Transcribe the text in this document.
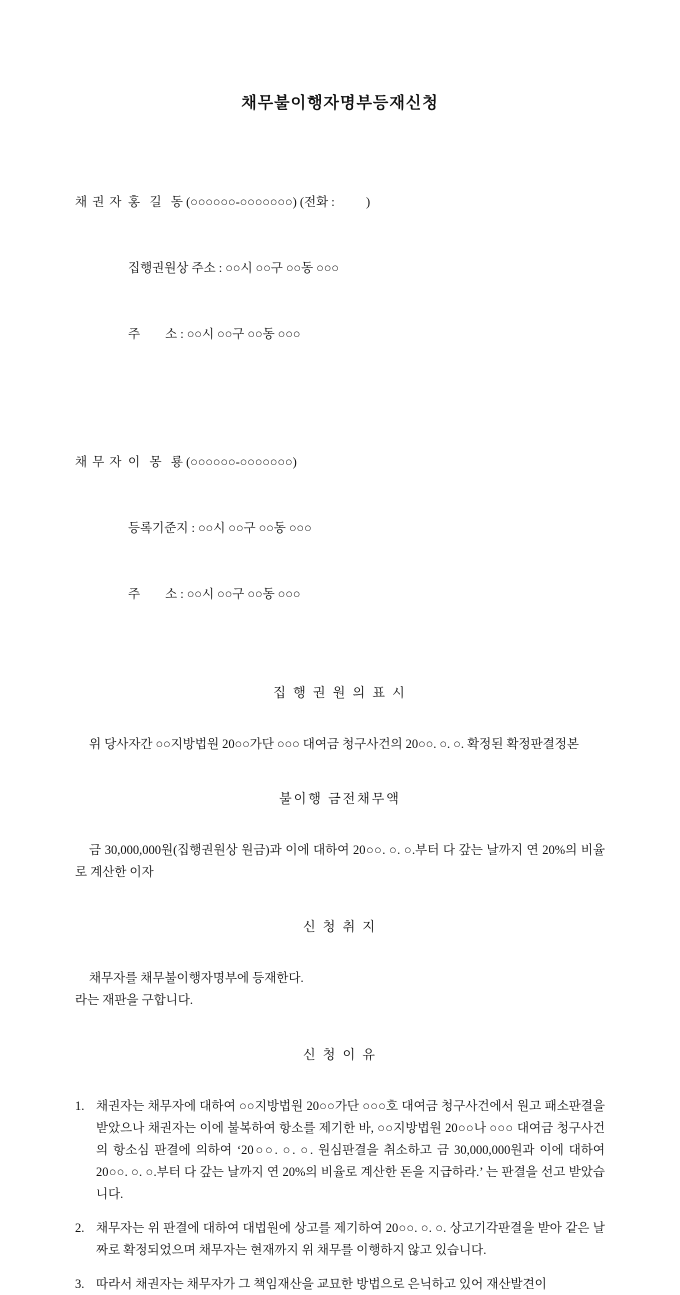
채무불이행자명부등재신청

채 권 자 홍   길   동 (○○○○○○-○○○○○○○) (전화 :          )

집행권원상 주소 : ○○시 ○○구 ○○동 ○○○

주        소 : ○○시 ○○구 ○○동 ○○○

채 무 자 이   몽   룡 (○○○○○○-○○○○○○○)

등록기준지 : ○○시 ○○구 ○○동 ○○○

주        소 : ○○시 ○○구 ○○동 ○○○

집 행 권 원 의 표 시

위 당사자간 ○○지방법원 20○○가단 ○○○ 대여금 청구사건의 20○○. ○. ○. 확정된 확정판결정본

불이행 금전채무액

금 30,000,000원(집행권원상 원금)과 이에 대하여 20○○. ○. ○.부터 다 갚는 날까지 연 20%의 비율로 계산한 이자

신 청 취 지
채무자를 채무불이행자명부에 등재한다.
라는 재판을 구합니다.
신 청 이 유
1. 채권자는 채무자에 대하여 ○○지방법원 20○○가단 ○○○호 대여금 청구사건에서 원고 패소판결을 받았으나 채권자는 이에 불복하여 항소를 제기한 바, ○○지방법원 20○○나 ○○○ 대여금 청구사건의 항소심 판결에 의하여 ‘20○○. ○. ○. 원심판결을 취소하고 금 30,000,000원과 이에 대하여 20○○. ○. ○.부터 다 갚는 날까지 연 20%의 비율로 계산한 돈을 지급하라.’ 는 판결을 선고 받았습니다.
2. 채무자는 위 판결에 대하여 대법원에 상고를 제기하여 20○○. ○. ○. 상고기각판결을 받아 같은 날짜로 확정되었으며 채무자는 현재까지 위 채무를 이행하지 않고 있습니다.
3. 따라서 채권자는 채무자가 그 책임재산을 교묘한 방법으로 은닉하고 있어 재산발견이
